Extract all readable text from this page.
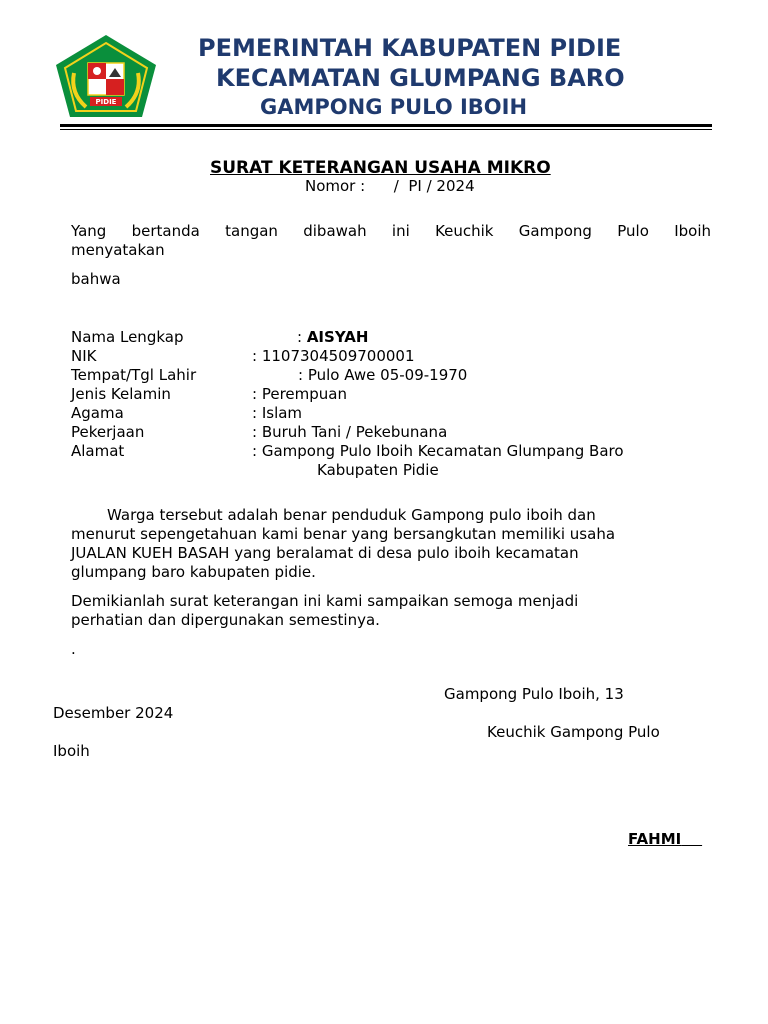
PIDIE
PEMERINTAH KABUPATEN PIDIE
KECAMATAN GLUMPANG BARO
GAMPONG PULO IBOIH
SURAT KETERANGAN USAHA MIKRO
Nomor :      /  PI / 2024
Yang bertanda tangan dibawah ini Keuchik Gampong Pulo Iboih
menyatakan
bahwa
Nama Lengkap	: AISYAH
NIK	: 1107304509700001
Tempat/Tgl Lahir	: Pulo Awe 05-09-1970
Jenis Kelamin	: Perempuan
Agama	: Islam
Pekerjaan	: Buruh Tani / Pekebunana
Alamat	: Gampong Pulo Iboih Kecamatan Glumpang Baro
Kabupaten Pidie
Warga tersebut adalah benar penduduk Gampong pulo iboih dan
menurut sepengetahuan kami benar yang bersangkutan memiliki usaha
JUALAN KUEH BASAH yang beralamat di desa pulo iboih kecamatan
glumpang baro kabupaten pidie.
Demikianlah surat keterangan ini kami sampaikan semoga menjadi
perhatian dan dipergunakan semestinya.
.
Gampong Pulo Iboih, 13
Desember 2024
Keuchik Gampong Pulo
Iboih
FAHMI
